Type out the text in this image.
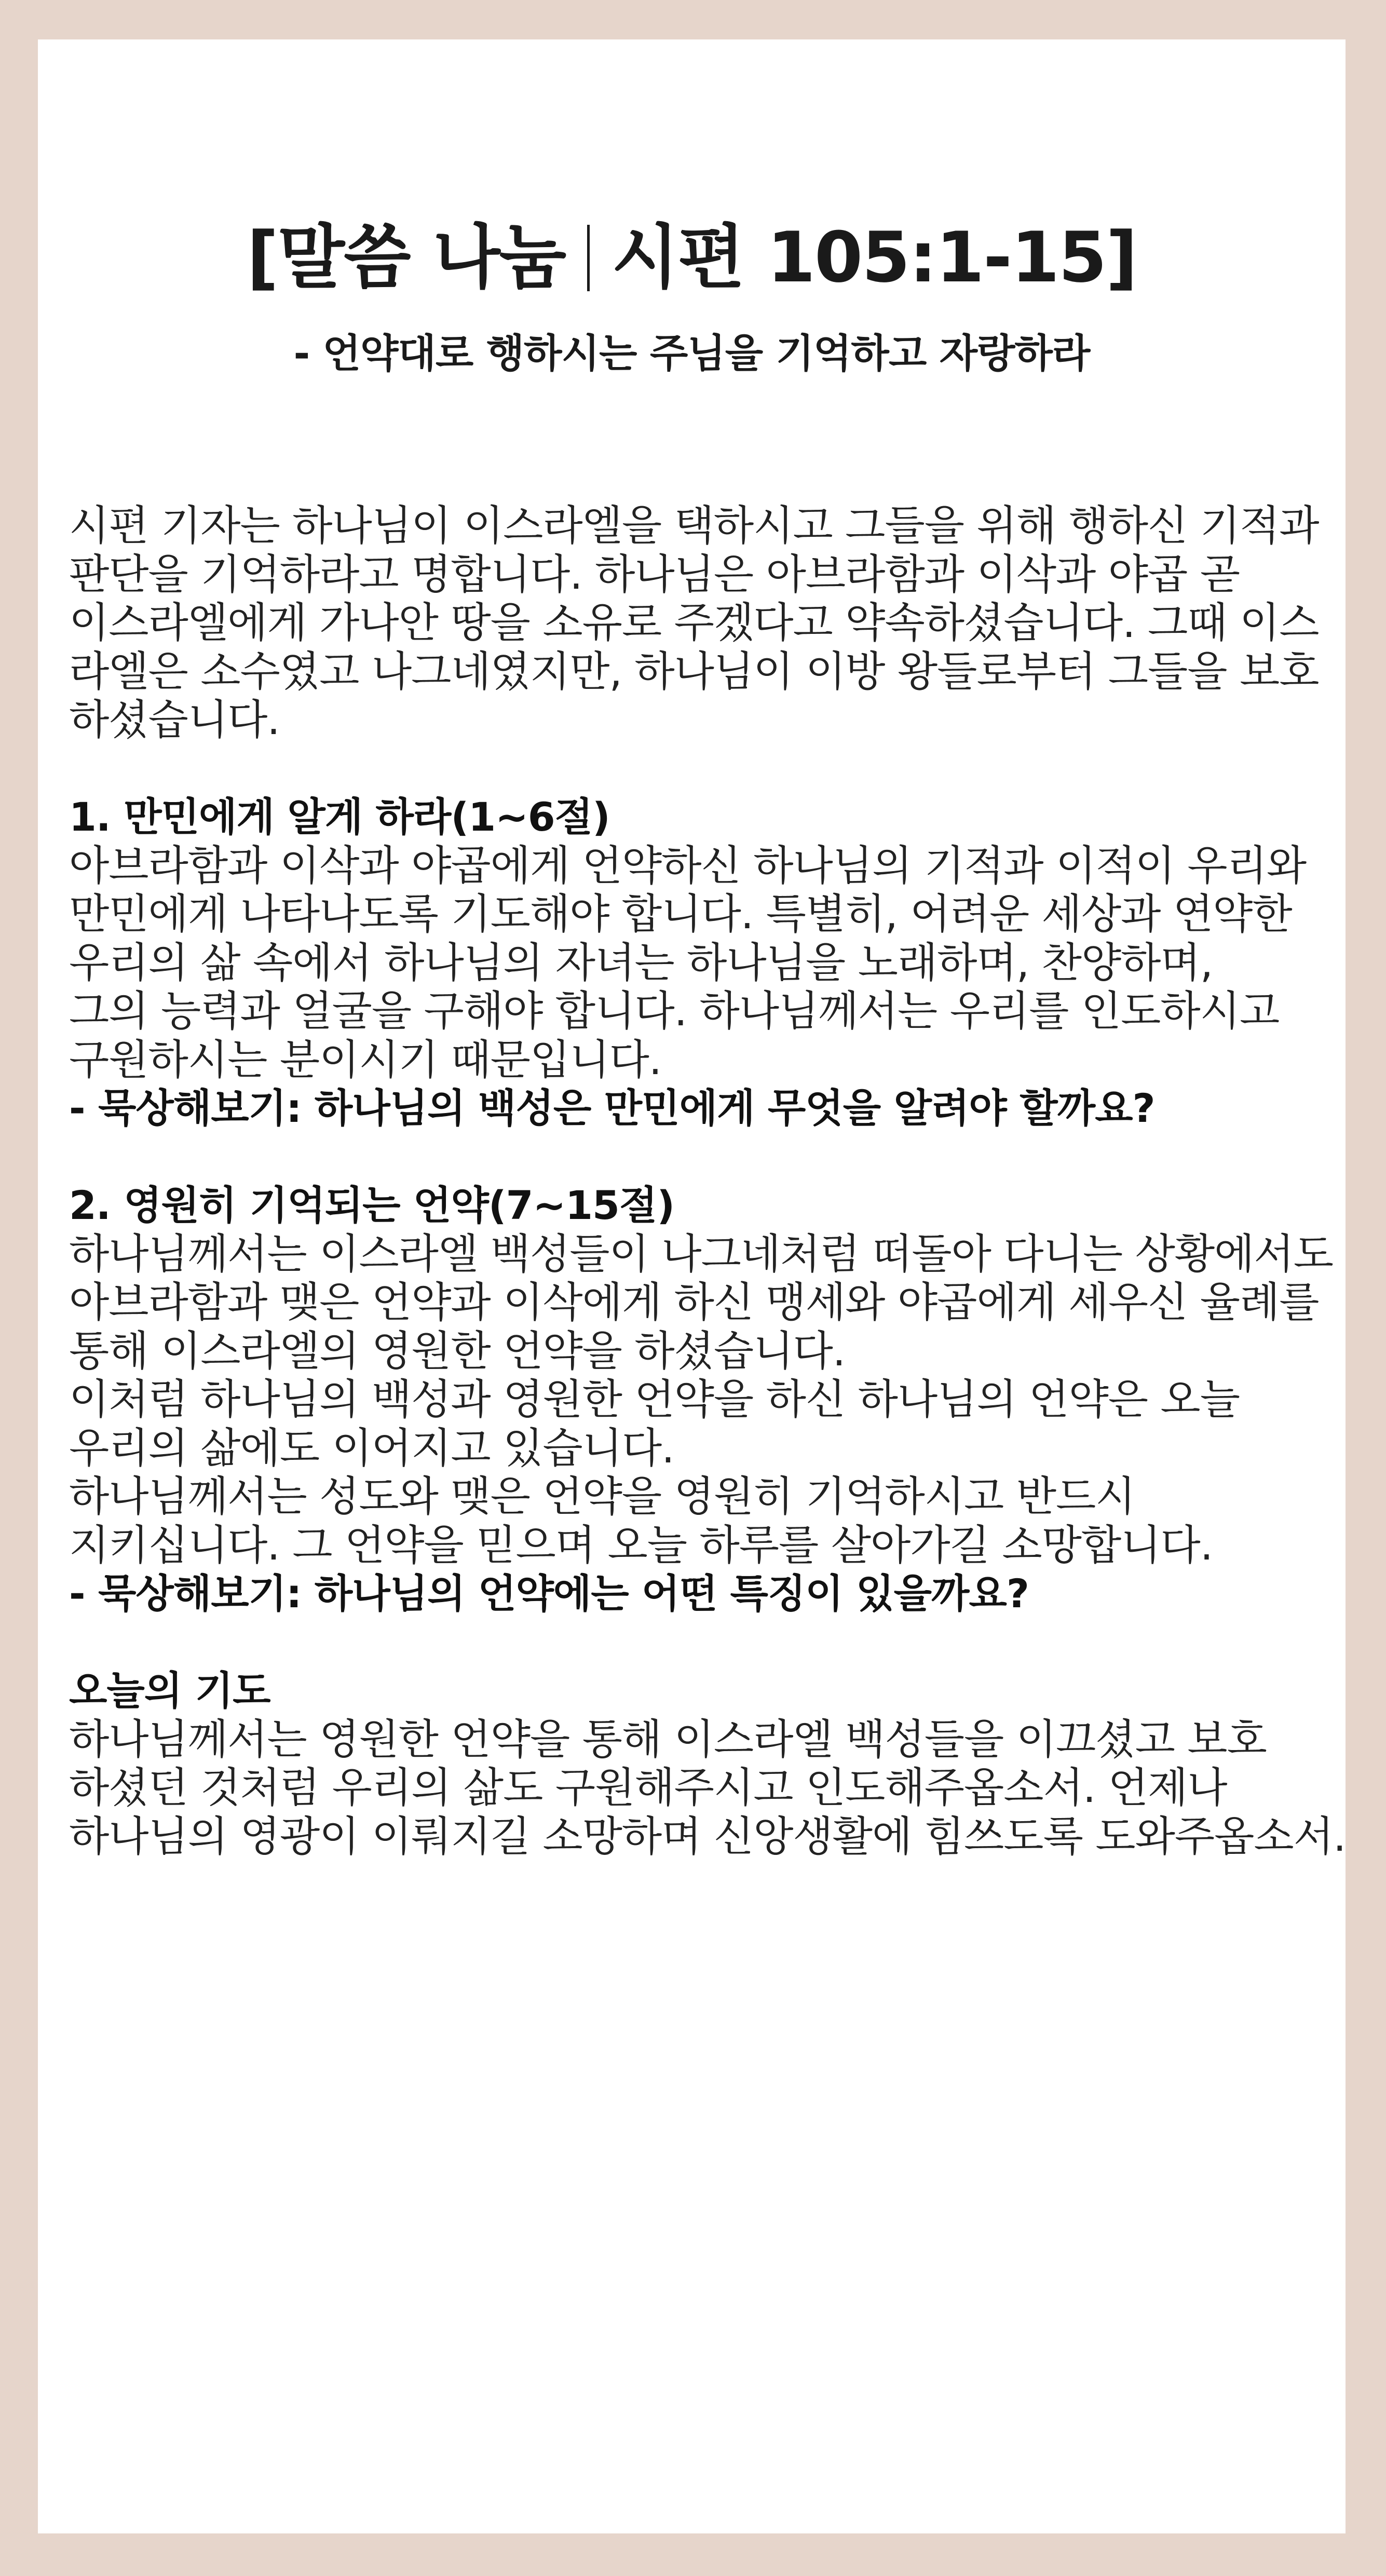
[말씀 나눔 시편 105:1-15]
- 언약대로 행하시는 주님을 기억하고 자랑하라
시편 기자는 하나님이 이스라엘을 택하시고 그들을 위해 행하신 기적과
판단을 기억하라고 명합니다. 하나님은 아브라함과 이삭과 야곱 곧
이스라엘에게 가나안 땅을 소유로 주겠다고 약속하셨습니다. 그때 이스
라엘은 소수였고 나그네였지만, 하나님이 이방 왕들로부터 그들을 보호
하셨습니다.
1. 만민에게 알게 하라(1~6절)
아브라함과 이삭과 야곱에게 언약하신 하나님의 기적과 이적이 우리와
만민에게 나타나도록 기도해야 합니다. 특별히, 어려운 세상과 연약한
우리의 삶 속에서 하나님의 자녀는 하나님을 노래하며, 찬양하며,
그의 능력과 얼굴을 구해야 합니다. 하나님께서는 우리를 인도하시고
구원하시는 분이시기 때문입니다.
- 묵상해보기: 하나님의 백성은 만민에게 무엇을 알려야 할까요?
2. 영원히 기억되는 언약(7~15절)
하나님께서는 이스라엘 백성들이 나그네처럼 떠돌아 다니는 상황에서도
아브라함과 맺은 언약과 이삭에게 하신 맹세와 야곱에게 세우신 율례를
통해 이스라엘의 영원한 언약을 하셨습니다.
이처럼 하나님의 백성과 영원한 언약을 하신 하나님의 언약은 오늘
우리의 삶에도 이어지고 있습니다.
하나님께서는 성도와 맺은 언약을 영원히 기억하시고 반드시
지키십니다. 그 언약을 믿으며 오늘 하루를 살아가길 소망합니다.
- 묵상해보기: 하나님의 언약에는 어떤 특징이 있을까요?
오늘의 기도
하나님께서는 영원한 언약을 통해 이스라엘 백성들을 이끄셨고 보호
하셨던 것처럼 우리의 삶도 구원해주시고 인도해주옵소서. 언제나
하나님의 영광이 이뤄지길 소망하며 신앙생활에 힘쓰도록 도와주옵소서.
